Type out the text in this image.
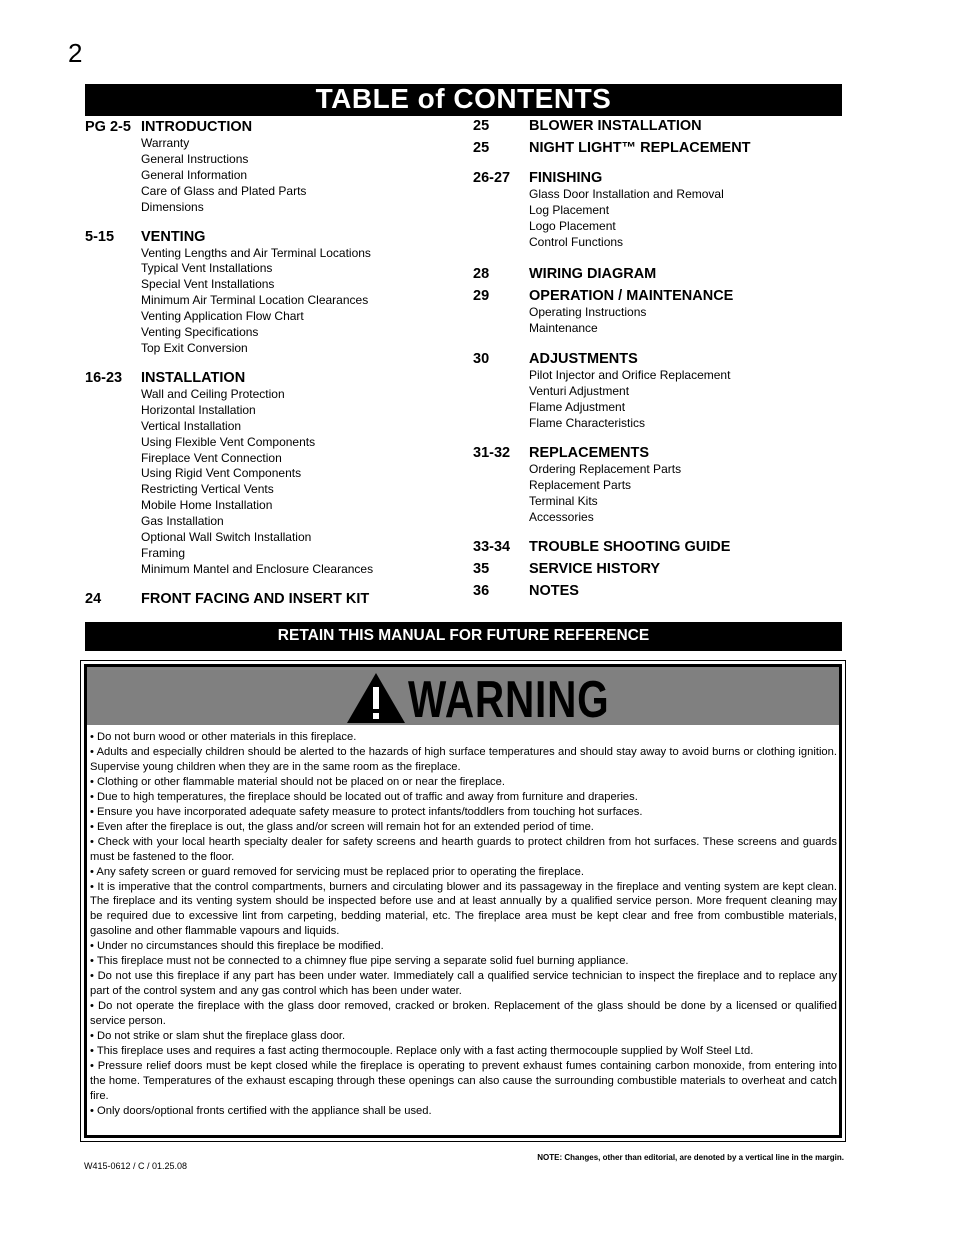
2
TABLE of CONTENTS
PG 2-5 INTRODUCTION
Warranty
General Instructions
General Information
Care of Glass and Plated Parts
Dimensions
5-15	VENTING
Venting Lengths and Air Terminal Locations
Typical Vent Installations
Special Vent Installations
Minimum Air Terminal Location Clearances
Venting Application Flow Chart
Venting Specifications
Top Exit Conversion
16-23	INSTALLATION
Wall and Ceiling Protection
Horizontal Installation
Vertical Installation
Using Flexible Vent Components
Fireplace Vent Connection
Using Rigid Vent Components
Restricting Vertical Vents
Mobile Home Installation
Gas Installation
Optional Wall Switch Installation
Framing
Minimum Mantel and Enclosure Clearances
24	FRONT FACING AND INSERT KIT
25	BLOWER INSTALLATION
25	NIGHT LIGHT™ REPLACEMENT
26-27	FINISHING
Glass Door Installation and Removal
Log Placement
Logo Placement
Control Functions
28	WIRING DIAGRAM
29	OPERATION / MAINTENANCE
Operating Instructions
Maintenance
30	ADJUSTMENTS
Pilot Injector and Orifice Replacement
Venturi Adjustment
Flame Adjustment
Flame Characteristics
31-32	REPLACEMENTS
Ordering Replacement Parts
Replacement Parts
Terminal Kits
Accessories
33-34	TROUBLE SHOOTING GUIDE
35	SERVICE HISTORY
36	NOTES
RETAIN THIS MANUAL FOR FUTURE REFERENCE
WARNING

• Do not burn wood or other materials in this fireplace.

• Adults and especially children should be alerted to the hazards of high surface temperatures and should stay away to avoid burns or clothing ignition. Supervise young children when they are in the same room as the fireplace.

• Clothing or other flammable material should not be placed on or near the fireplace.

• Due to high temperatures, the fireplace should be located out of traffic and away from furniture and draperies.

• Ensure you have incorporated adequate safety measure to protect infants/toddlers from touching hot surfaces.

• Even after the fireplace is out, the glass and/or screen will remain hot for an extended period of time.

• Check with your local hearth specialty dealer for safety screens and hearth guards to protect children from hot surfaces. These screens and guards must be fastened to the floor.

• Any safety screen or guard removed for servicing must be replaced prior to operating the fireplace.

• It is imperative that the control compartments, burners and circulating blower and its passageway in the fireplace and venting system are kept clean. The fireplace and its venting system should be inspected before use and at least annually by a qualified service person. More frequent cleaning may be required due to excessive lint from carpeting, bedding material, etc. The fireplace area must be kept clear and free from combustible materials, gasoline and other flammable vapours and liquids.

• Under no circumstances should this fireplace be modified.

• This fireplace must not be connected to a chimney flue pipe serving a separate solid fuel burning appliance.

• Do not use this fireplace if any part has been under water. Immediately call a qualified service technician to inspect the fireplace and to replace any part of the control system and any gas control which has been under water.

• Do not operate the fireplace with the glass door removed, cracked or broken. Replacement of the glass should be done by a licensed or qualified service person.

• Do not strike or slam shut the fireplace glass door.

• This fireplace uses and requires a fast acting thermocouple. Replace only with a fast acting thermocouple supplied by Wolf Steel Ltd.

• Pressure relief doors must be kept closed while the fireplace is operating to prevent exhaust fumes containing carbon monoxide, from entering into the home. Temperatures of the exhaust escaping through these openings can also cause the surrounding combustible materials to overheat and catch fire.

• Only doors/optional fronts certified with the appliance shall be used.

NOTE: Changes, other than editorial, are denoted by a vertical line in the margin.
W415-0612 / C / 01.25.08
